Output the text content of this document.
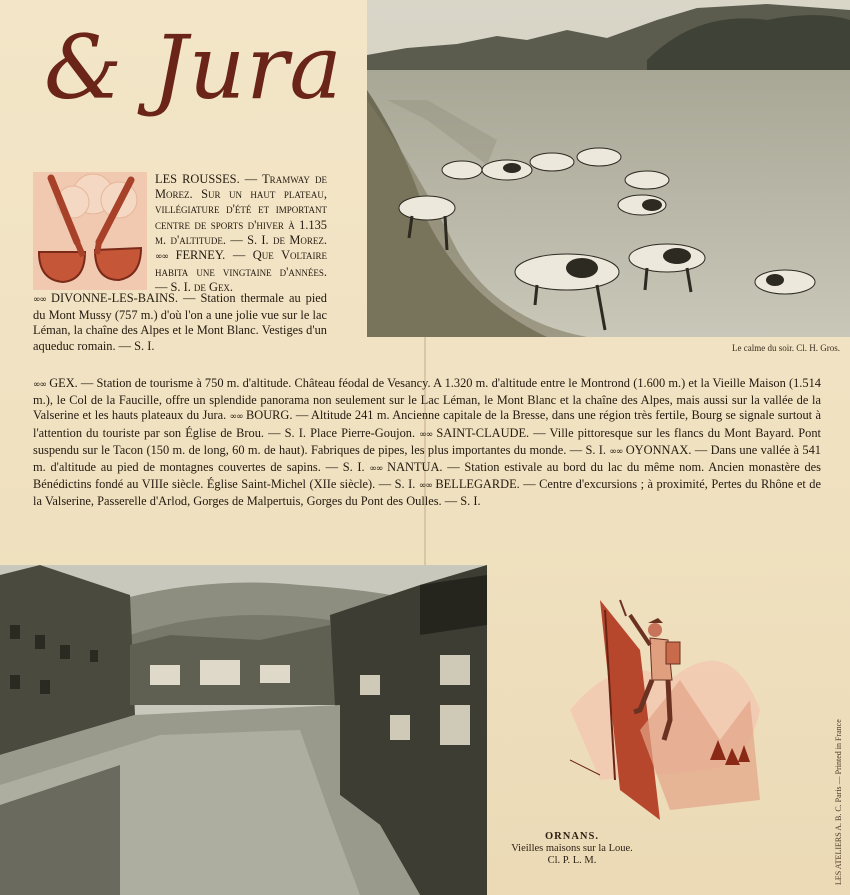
& Jura
Le calme du soir. Cl. H. Gros.
LES ROUSSES. — Tramway de Morez. Sur un haut plateau, villégiature d'été et important centre de sports d'hiver à 1.135 m. d'altitude. — S. I. de Morez. ∞∞ FERNEY. — Que Voltaire habita une vingtaine d'années. — S. I. de Gex.
∞∞ DIVONNE-LES-BAINS. — Station thermale au pied du Mont Mussy (757 m.) d'où l'on a une jolie vue sur le lac Léman, la chaîne des Alpes et le Mont Blanc. Vestiges d'un aqueduc romain. — S. I.
∞∞ GEX. — Station de tourisme à 750 m. d'altitude. Château féodal de Vesancy. A 1.320 m. d'altitude entre le Montrond (1.600 m.) et la Vieille Maison (1.514 m.), le Col de la Faucille, offre un splendide panorama non seulement sur le Lac Léman, le Mont Blanc et la chaîne des Alpes, mais aussi sur la vallée de la Valserine et les hauts plateaux du Jura. ∞∞ BOURG. — Altitude 241 m. Ancienne capitale de la Bresse, dans une région très fertile, Bourg se signale surtout à l'attention du touriste par son Église de Brou. — S. I. Place Pierre-Goujon. ∞∞ SAINT-CLAUDE. — Ville pittoresque sur les flancs du Mont Bayard. Pont suspendu sur le Tacon (150 m. de long, 60 m. de haut). Fabriques de pipes, les plus importantes du monde. — S. I. ∞∞ OYONNAX. — Dans une vallée à 541 m. d'altitude au pied de montagnes couvertes de sapins. — S. I. ∞∞ NANTUA. — Station estivale au bord du lac du même nom. Ancien monastère des Bénédictins fondé au VIIIe siècle. Église Saint-Michel (XIIe siècle). — S. I. ∞∞ BELLEGARDE. — Centre d'excursions ; à proximité, Pertes du Rhône et de la Valserine, Passerelle d'Arlod, Gorges de Malpertuis, Gorges du Pont des Oulles. — S. I.
ORNANS.
Vieilles maisons sur la Loue.
Cl. P. L. M.	LES ATELIERS A. B. C. Paris — Printed in France
